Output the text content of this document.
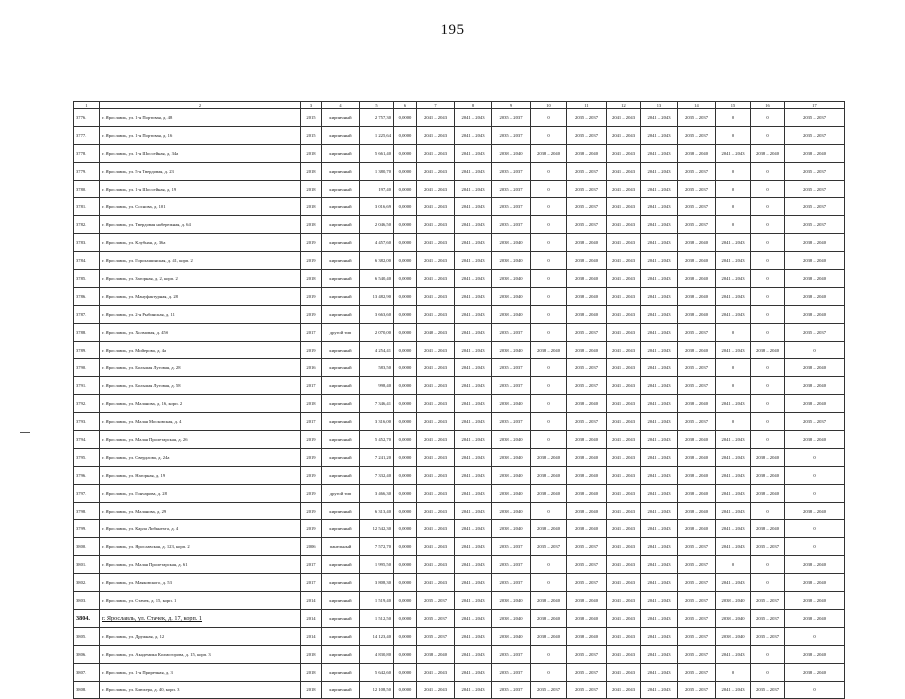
195
1	2	3	4	5	6	7	8	9	10	11	12	13	14	15	16	17
3776.	г. Ярославль, ул. 1-я Портовая, д. 48	2015	кирпичный	2 757,30	0,0000	2041 – 2043	2041 – 2043	2035 – 2037	0	2035 – 2037	2041 – 2043	2041 – 2043	2035 – 2037	0	0	2035 – 2037
3777.	г. Ярославль, ул. 1-я Портовая, д. 16	2015	кирпичный	1 225,64	0,0000	2041 – 2043	2041 – 2043	2035 – 2037	0	2035 – 2037	2041 – 2043	2041 – 2043	2035 – 2037	0	0	2035 – 2037
3778.	г. Ярославль, ул. 1-я Шоссейная, д. 34а	2018	кирпичный	5 661,40	0,0000	2041 – 2043	2041 – 2043	2038 – 2040	2038 – 2040	2038 – 2040	2041 – 2043	2041 – 2043	2038 – 2040	2041 – 2043	2038 – 2040	2038 – 2040
3779.	г. Ярославль, ул. 5-я Твердовая, д. 23	2018	кирпичный	1 380,70	0,0000	2041 – 2043	2041 – 2043	2035 – 2037	0	2035 – 2037	2041 – 2043	2041 – 2043	2035 – 2037	0	0	2035 – 2037
3780.	г. Ярославль, ул. 1-я Шоссейная, д. 19	2018	кирпичный	197,40	0,0000	2041 – 2043	2041 – 2043	2035 – 2037	0	2035 – 2037	2041 – 2043	2041 – 2043	2035 – 2037	0	0	2035 – 2037
3781.	г. Ярославль, ул. Соснова, д. 101	2018	кирпичный	3 016,69	0,0000	2041 – 2043	2041 – 2043	2035 – 2037	0	2035 – 2037	2041 – 2043	2041 – 2043	2035 – 2037	0	0	2035 – 2037
3782.	г. Ярославль, ул. Твердовая набережная, д. 64	2018	кирпичный	2 046,50	0,0000	2041 – 2043	2041 – 2043	2035 – 2037	0	2035 – 2037	2041 – 2043	2041 – 2043	2035 – 2037	0	0	2035 – 2037
3783.	г. Ярославль, ул. Клубная, д. 36а	2019	кирпичный	4 457,60	0,0000	2041 – 2043	2041 – 2043	2038 – 2040	0	2038 – 2040	2041 – 2043	2041 – 2043	2038 – 2040	2041 – 2043	0	2038 – 2040
3784.	г. Ярославль, ул. Горохашинская, д. 41, корп. 2	2019	кирпичный	6 382,00	0,0000	2041 – 2043	2041 – 2043	2038 – 2040	0	2038 – 2040	2041 – 2043	2041 – 2043	2038 – 2040	2041 – 2043	0	2038 – 2040
3785.	г. Ярославль, ул. Загорная, д. 2, корп. 2	2018	кирпичный	6 540,40	0,0000	2041 – 2043	2041 – 2043	2038 – 2040	0	2038 – 2040	2041 – 2043	2041 – 2043	2038 – 2040	2041 – 2043	0	2038 – 2040
3786.	г. Ярославль, ул. Мануфактурная, д. 28	2019	кирпичный	13 482,90	0,0000	2041 – 2043	2041 – 2043	2038 – 2040	0	2038 – 2040	2041 – 2043	2041 – 2043	2038 – 2040	2041 – 2043	0	2038 – 2040
3787.	г. Ярославль, ул. 2-я Рыбинская, д. 11	2019	кирпичный	3 663,60	0,0000	2041 – 2043	2041 – 2043	2038 – 2040	0	2038 – 2040	2041 – 2043	2041 – 2043	2038 – 2040	2041 – 2043	0	2038 – 2040
3788.	г. Ярославль, ул. Холмовая, д. 45б	2017	другой тип	2 070,00	0,0000	2040 – 2043	2041 – 2043	2035 – 2037	0	2035 – 2037	2041 – 2043	2041 – 2043	2035 – 2037	0	0	2035 – 2037
3789.	г. Ярославль, ул. Мойерова, д. 4а	2019	кирпичный	4 254,41	0,0000	2041 – 2043	2041 – 2043	2038 – 2040	2038 – 2040	2038 – 2040	2041 – 2043	2041 – 2043	2038 – 2040	2041 – 2043	2038 – 2040	0
3790.	г. Ярославль, ул. Большая Луговая, д. 28	2016	кирпичный	583,50	0,0000	2041 – 2043	2041 – 2043	2035 – 2037	0	2035 – 2037	2041 – 2043	2041 – 2043	2035 – 2037	0	0	2038 – 2040
3791.	г. Ярославль, ул. Большая Луговая, д. 58	2017	кирпичный	998,40	0,0000	2041 – 2043	2041 – 2043	2035 – 2037	0	2035 – 2037	2041 – 2043	2041 – 2043	2035 – 2037	0	0	2038 – 2040
3792.	г. Ярославль, ул. Маланова, д. 16, корп. 2	2018	кирпичный	7 346,41	0,0000	2041 – 2043	2041 – 2043	2038 – 2040	0	2038 – 2040	2041 – 2043	2041 – 2043	2038 – 2040	2041 – 2043	0	2038 – 2040
3793.	г. Ярославль, ул. Малая Московская, д. 4	2017	кирпичный	3 316,00	0,0000	2041 – 2043	2041 – 2043	2035 – 2037	0	2035 – 2037	2041 – 2043	2041 – 2043	2035 – 2037	0	0	2035 – 2037
3794.	г. Ярославль, ул. Малая Пролетарская, д. 26	2019	кирпичный	5 452,70	0,0000	2041 – 2043	2041 – 2043	2038 – 2040	0	2038 – 2040	2041 – 2043	2041 – 2043	2038 – 2040	2041 – 2043	0	2038 – 2040
3795.	г. Ярославль, ул. Свердлова, д. 24а	2019	кирпичный	7 241,20	0,0000	2041 – 2043	2041 – 2043	2038 – 2040	2038 – 2040	2038 – 2040	2041 – 2043	2041 – 2043	2038 – 2040	2041 – 2043	2038 – 2040	0
3796.	г. Ярославль, ул. Нагорная, д. 19	2019	кирпичный	7 332,40	0,0000	2041 – 2043	2041 – 2043	2038 – 2040	2038 – 2040	2038 – 2040	2041 – 2043	2041 – 2043	2038 – 2040	2041 – 2043	2038 – 2040	0
3797.	г. Ярославль, ул. Гончарова, д. 28	2019	другой тип	3 466,30	0,0000	2041 – 2043	2041 – 2043	2038 – 2040	2038 – 2040	2038 – 2040	2041 – 2043	2041 – 2043	2038 – 2040	2041 – 2043	2038 – 2040	0
3798.	г. Ярославль, ул. Маланова, д. 29	2019	кирпичный	6 313,40	0,0000	2041 – 2043	2041 – 2043	2038 – 2040	0	2038 – 2040	2041 – 2043	2041 – 2043	2038 – 2040	2041 – 2043	0	2038 – 2040
3799.	г. Ярославль, ул. Карла Либкнехта, д. 4	2019	кирпичный	12 542,30	0,0000	2041 – 2043	2041 – 2043	2038 – 2040	2038 – 2040	2038 – 2040	2041 – 2043	2041 – 2043	2038 – 2040	2041 – 2043	2038 – 2040	0
3800.	г. Ярославль, ул. Ярославская, д. 123, корп. 2	2006	панельный	7 572,70	0,0000	2041 – 2043	2041 – 2043	2035 – 2037	2035 – 2037	2035 – 2037	2041 – 2043	2041 – 2043	2035 – 2037	2041 – 2043	2035 – 2037	0
3801.	г. Ярославль, ул. Малая Пролетарская, д. 61	2017	кирпичный	1 995,50	0,0000	2041 – 2043	2041 – 2043	2035 – 2037	0	2035 – 2037	2041 – 2043	2041 – 2043	2035 – 2037	0	0	2038 – 2040
3802.	г. Ярославль, ул. Маяковского, д. 53	2017	кирпичный	3 808,30	0,0000	2041 – 2043	2041 – 2043	2035 – 2037	0	2035 – 2037	2041 – 2043	2041 – 2043	2035 – 2037	2041 – 2043	0	2038 – 2040
3803.	г. Ярославль, ул. Стачек, д. 15, корп. 1	2014	кирпичный	1 519,40	0,0000	2035 – 2037	2041 – 2043	2038 – 2040	2038 – 2040	2038 – 2040	2041 – 2043	2041 – 2043	2035 – 2037	2038 – 2040	2035 – 2037	2038 – 2040
3804.	г. Ярославль, ул. Стачек, д. 17, корп. 1	2014	кирпичный	1 512,50	0,0000	2035 – 2037	2041 – 2043	2038 – 2040	2038 – 2040	2038 – 2040	2041 – 2043	2041 – 2043	2035 – 2037	2038 – 2040	2035 – 2037	2038 – 2040
3805.	г. Ярославль, ул. Дружная, д. 12	2014	кирпичный	14 123,40	0,0000	2035 – 2037	2041 – 2043	2038 – 2040	2038 – 2040	2038 – 2040	2041 – 2043	2041 – 2043	2035 – 2037	2038 – 2040	2035 – 2037	0
3806.	г. Ярославль, ул. Академика Колмогорова, д. 15, корп. 3	2018	кирпичный	4 830,80	0,0000	2038 – 2040	2041 – 2043	2035 – 2037	0	2035 – 2037	2041 – 2043	2041 – 2043	2035 – 2037	2041 – 2043	0	2038 – 2040
3807.	г. Ярославль, ул. 1-я Приречная, д. 3	2018	кирпичный	5 642,60	0,0000	2041 – 2043	2041 – 2043	2035 – 2037	0	2035 – 2037	2041 – 2043	2041 – 2043	2035 – 2037	0	0	2038 – 2040
3808.	г. Ярославль, ул. Блюхера, д. 40, корп. 3	2018	кирпичный	12 108,50	0,0000	2041 – 2043	2041 – 2043	2035 – 2037	2035 – 2037	2035 – 2037	2041 – 2043	2041 – 2043	2035 – 2037	2041 – 2043	2035 – 2037	0
